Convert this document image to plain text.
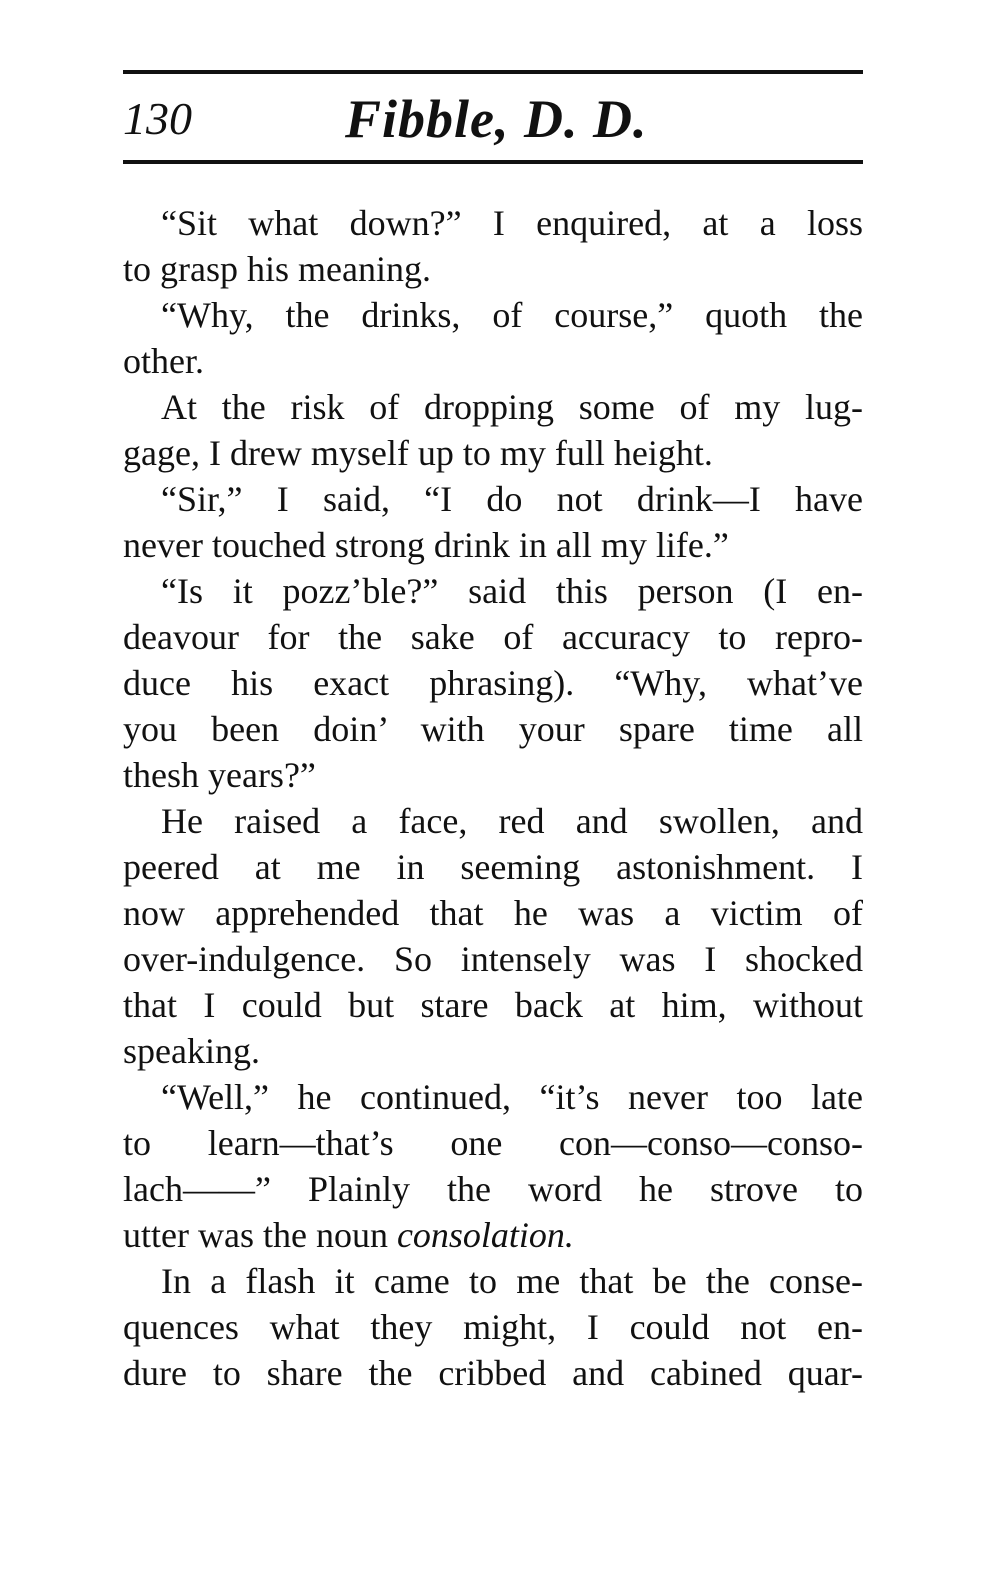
130	Fibble, D. D.
“Sit what down?” I enquired, at a loss
to grasp his meaning.
“Why, the drinks, of course,” quoth the
other.
At the risk of dropping some of my lug-
gage, I drew myself up to my full height.
“Sir,” I said, “I do not drink—I have
never touched strong drink in all my life.”
“Is it pozz’ble?” said this person (I en-
deavour for the sake of accuracy to repro-
duce his exact phrasing). “Why, what’ve
you been doin’ with your spare time all
thesh years?”
He raised a face, red and swollen, and
peered at me in seeming astonishment. I
now apprehended that he was a victim of
over-indulgence. So intensely was I shocked
that I could but stare back at him, without
speaking.
“Well,” he continued, “it’s never too late
to learn—that’s one con—conso—conso-
lach——” Plainly the word he strove to
utter was the noun consolation.
In a flash it came to me that be the conse-
quences what they might, I could not en-
dure to share the cribbed and cabined quar-
